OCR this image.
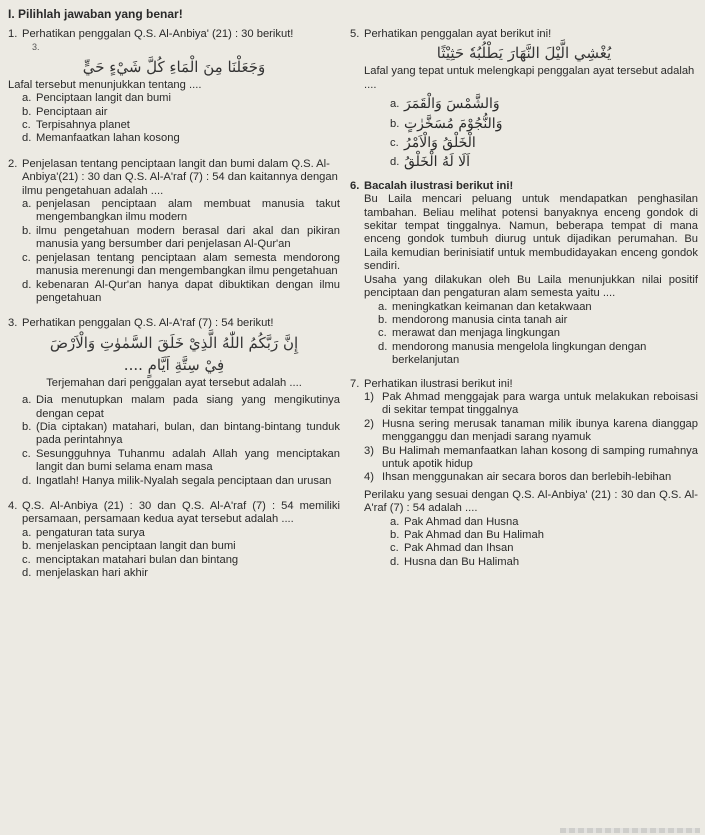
I. Pilihlah jawaban yang benar!
1. Perhatikan penggalan Q.S. Al-Anbiya' (21) : 30 berikut!
3.
وَجَعَلْنَا مِنَ الْمَاءِ كُلَّ شَيْءٍ حَيٍّ
Lafal tersebut menunjukkan tentang ....
a. Penciptaan langit dan bumi
b. Penciptaan air
c. Terpisahnya planet
d. Memanfaatkan lahan kosong
2. Penjelasan tentang penciptaan langit dan bumi dalam Q.S. Al-Anbiya'(21) : 30 dan Q.S. Al-A'raf (7) : 54 dan kaitannya dengan ilmu pengetahuan adalah ....
a. penjelasan penciptaan alam membuat manusia takut mengembangkan ilmu modern
b. ilmu pengetahuan modern berasal dari akal dan pikiran manusia yang bersumber dari penjelasan Al-Qur'an
c. penjelasan tentang penciptaan alam semesta mendorong manusia merenungi dan mengembangkan ilmu pengetahuan
d. kebenaran Al-Qur'an hanya dapat dibuktikan dengan ilmu pengetahuan
3. Perhatikan penggalan Q.S. Al-A'raf (7) : 54 berikut!
إِنَّ رَبَّكُمُ اللّٰهُ الَّذِيْ خَلَقَ السَّمٰوٰتِ وَالْاَرْضَ
فِيْ سِتَّةِ اَيَّامٍ ....
Terjemahan dari penggalan ayat tersebut adalah ....
a. Dia menutupkan malam pada siang yang mengikutinya dengan cepat
b. (Dia ciptakan) matahari, bulan, dan bintang-bintang tunduk pada perintahnya
c. Sesungguhnya Tuhanmu adalah Allah yang menciptakan langit dan bumi selama enam masa
d. Ingatlah! Hanya milik-Nyalah segala penciptaan dan urusan
4. Q.S. Al-Anbiya (21) : 30 dan Q.S. Al-A'raf (7) : 54 memiliki persamaan, persamaan kedua ayat tersebut adalah ....
a. pengaturan tata surya
b. menjelaskan penciptaan langit dan bumi
c. menciptakan matahari bulan dan bintang
d. menjelaskan hari akhir
5. Perhatikan penggalan ayat berikut ini!
يُغْشِي الَّيْلَ النَّهَارَ يَطْلُبُهٗ حَثِيْثًا
Lafal yang tepat untuk melengkapi penggalan ayat tersebut adalah ....
a. وَالشَّمْسَ وَالْقَمَرَ
b. وَالنُّجُوْمَ مُسَخَّرٰتٍ
c. الْخَلْقُ وَالْاَمْرُ
d. اَلَا لَهُ الْخَلْقُ
6. Bacalah ilustrasi berikut ini!
Bu Laila mencari peluang untuk mendapatkan penghasilan tambahan. Beliau melihat potensi banyaknya enceng gondok di sekitar tempat tinggalnya. Namun, beberapa tempat di mana enceng gondok tumbuh diurug untuk dijadikan perumahan. Bu Laila kemudian berinisiatif untuk membudidayakan enceng gondok sendiri.
Usaha yang dilakukan oleh Bu Laila menunjukkan nilai positif penciptaan dan pengaturan alam semesta yaitu ....
a. meningkatkan keimanan dan ketakwaan
b. mendorong manusia cinta tanah air
c. merawat dan menjaga lingkungan
d. mendorong manusia mengelola lingkungan dengan berkelanjutan
7. Perhatikan ilustrasi berikut ini!
1) Pak Ahmad menggajak para warga untuk melakukan reboisasi di sekitar tempat tinggalnya
2) Husna sering merusak tanaman milik ibunya karena dianggap mengganggu dan menjadi sarang nyamuk
3) Bu Halimah memanfaatkan lahan kosong di samping rumahnya untuk apotik hidup
4) Ihsan menggunakan air secara boros dan berlebih-lebihan
Perilaku yang sesuai dengan Q.S. Al-Anbiya' (21) : 30 dan Q.S. Al-A'raf (7) : 54 adalah ....
a. Pak Ahmad dan Husna
b. Pak Ahmad dan Bu Halimah
c. Pak Ahmad dan Ihsan
d. Husna dan Bu Halimah
